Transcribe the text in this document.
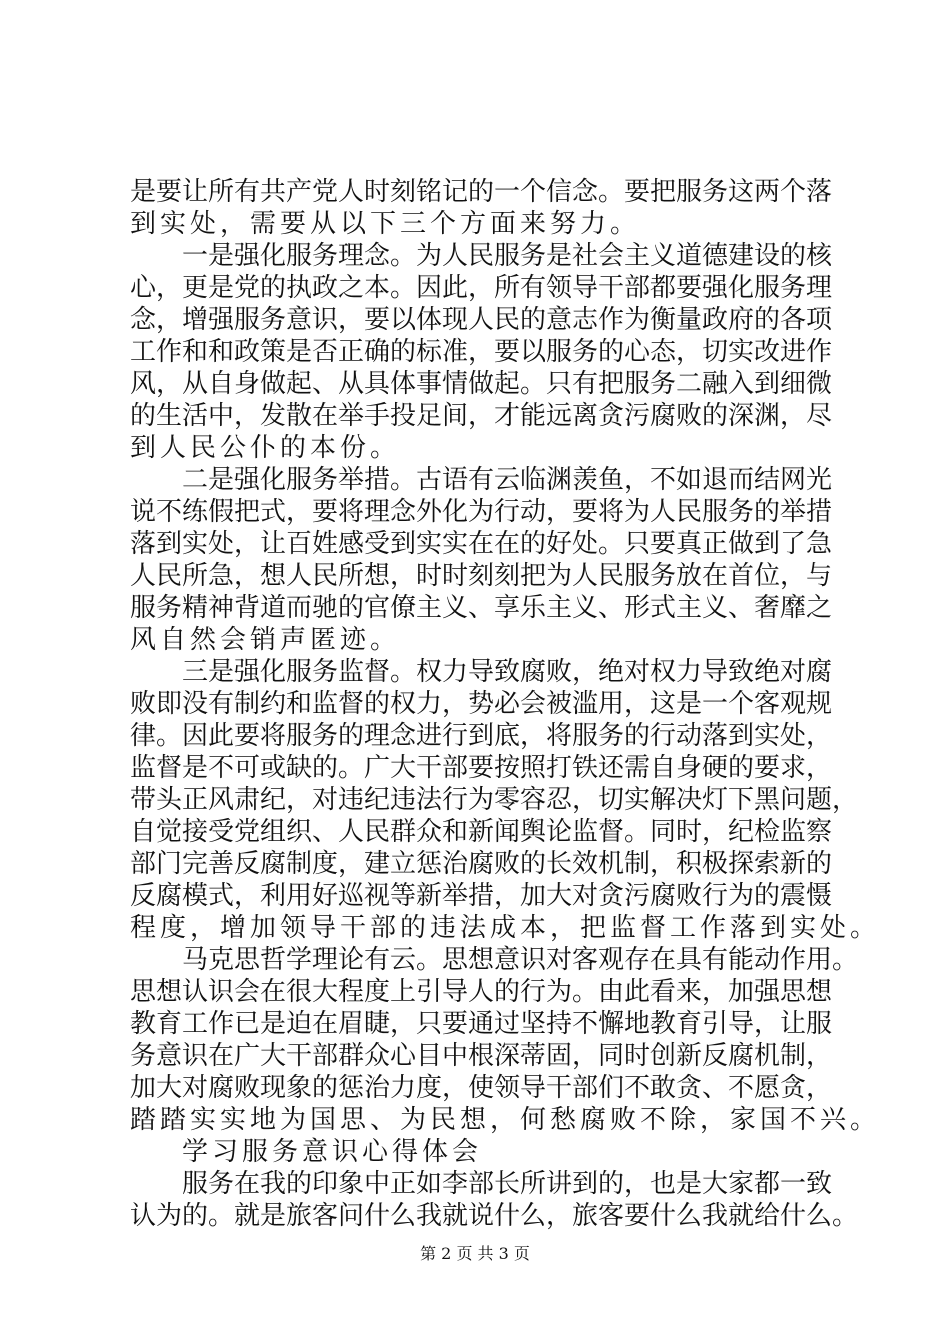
是要让所有共产党人时刻铭记的一个信念。要把服务这两个落
到实处，需要从以下三个方面来努力。
一是强化服务理念。为人民服务是社会主义道德建设的核
心，更是党的执政之本。因此，所有领导干部都要强化服务理
念，增强服务意识，要以体现人民的意志作为衡量政府的各项
工作和和政策是否正确的标准，要以服务的心态，切实改进作
风，从自身做起、从具体事情做起。只有把服务二融入到细微
的生活中，发散在举手投足间，才能远离贪污腐败的深渊，尽
到人民公仆的本份。
二是强化服务举措。古语有云临渊羡鱼，不如退而结网光
说不练假把式，要将理念外化为行动，要将为人民服务的举措
落到实处，让百姓感受到实实在在的好处。只要真正做到了急
人民所急，想人民所想，时时刻刻把为人民服务放在首位，与
服务精神背道而驰的官僚主义、享乐主义、形式主义、奢靡之
风自然会销声匿迹。
三是强化服务监督。权力导致腐败，绝对权力导致绝对腐
败即没有制约和监督的权力，势必会被滥用，这是一个客观规
律。因此要将服务的理念进行到底，将服务的行动落到实处，
监督是不可或缺的。广大干部要按照打铁还需自身硬的要求，
带头正风肃纪，对违纪违法行为零容忍，切实解决灯下黑问题，
自觉接受党组织、人民群众和新闻舆论监督。同时，纪检监察
部门完善反腐制度，建立惩治腐败的长效机制，积极探索新的
反腐模式，利用好巡视等新举措，加大对贪污腐败行为的震慑
程度，增加领导干部的违法成本，把监督工作落到实处。
马克思哲学理论有云。思想意识对客观存在具有能动作用。
思想认识会在很大程度上引导人的行为。由此看来，加强思想
教育工作已是迫在眉睫，只要通过坚持不懈地教育引导，让服
务意识在广大干部群众心目中根深蒂固，同时创新反腐机制，
加大对腐败现象的惩治力度，使领导干部们不敢贪、不愿贪，
踏踏实实地为国思、为民想，何愁腐败不除，家国不兴。
学习服务意识心得体会
服务在我的印象中正如李部长所讲到的，也是大家都一致
认为的。就是旅客问什么我就说什么，旅客要什么我就给什么。
第 2 页 共 3 页
